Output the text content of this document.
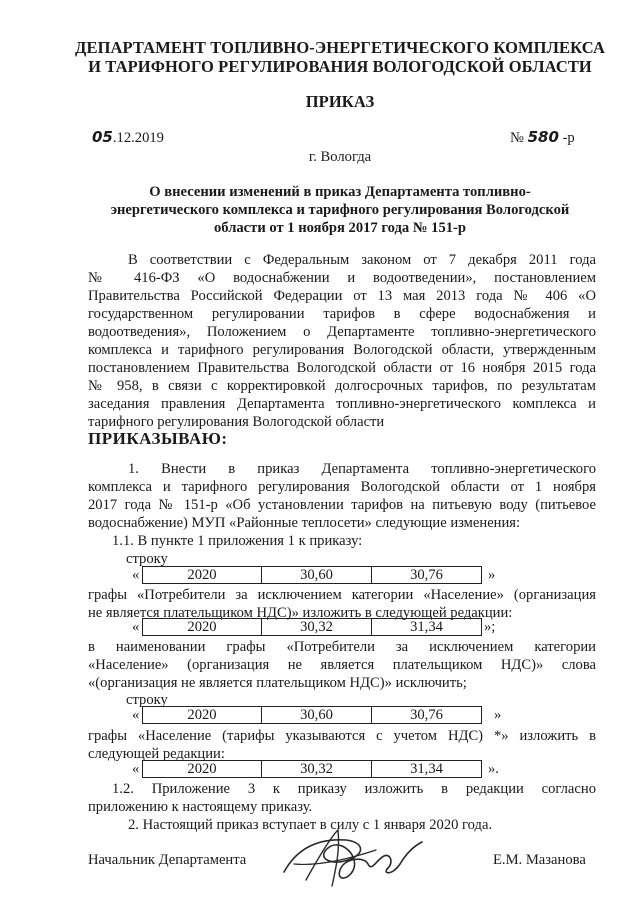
ДЕПАРТАМЕНТ ТОПЛИВНО-ЭНЕРГЕТИЧЕСКОГО КОМПЛЕКСА
И ТАРИФНОГО РЕГУЛИРОВАНИЯ ВОЛОГОДСКОЙ ОБЛАСТИ
ПРИКАЗ
05.12.2019	№ 580 -р
г. Вологда
О внесении изменений в приказ Департамента топливно-
энергетического комплекса и тарифного регулирования Вологодской
области от 1 ноября 2017 года № 151-р
В соответствии с Федеральным законом от 7 декабря 2011 года
№ 416-ФЗ «О водоснабжении и водоотведении», постановлением
Правительства Российской Федерации от 13 мая 2013 года № 406 «О
государственном регулировании тарифов в сфере водоснабжения и
водоотведения», Положением о Департаменте топливно-энергетического
комплекса и тарифного регулирования Вологодской области, утвержденным
постановлением Правительства Вологодской области от 16 ноября 2015 года
№ 958, в связи с корректировкой долгосрочных тарифов, по результатам
заседания правления Департамента топливно-энергетического комплекса и
тарифного регулирования Вологодской области
ПРИКАЗЫВАЮ:
1. Внести в приказ Департамента топливно-энергетического
комплекса и тарифного регулирования Вологодской области от 1 ноября
2017 года № 151-р «Об установлении тарифов на питьевую воду (питьевое
водоснабжение) МУП «Районные теплосети» следующие изменения:
1.1. В пункте 1 приложения 1 к приказу:
строку
«	2020	30,60	30,76	»
графы «Потребители за исключением категории «Население» (организация
не является плательщиком НДС)» изложить в следующей редакции:
«	2020	30,32	31,34	»;
в наименовании графы «Потребители за исключением категории
«Население» (организация не является плательщиком НДС)» слова
«(организация не является плательщиком НДС)» исключить;
строку
«	2020	30,60	30,76	»
графы «Население (тарифы указываются с учетом НДС) *» изложить в
следующей редакции:
«	2020	30,32	31,34	».
1.2. Приложение 3 к приказу изложить в редакции согласно
приложению к настоящему приказу.
2. Настоящий приказ вступает в силу с 1 января 2020 года.
Начальник Департамента	Е.М. Мазанова
